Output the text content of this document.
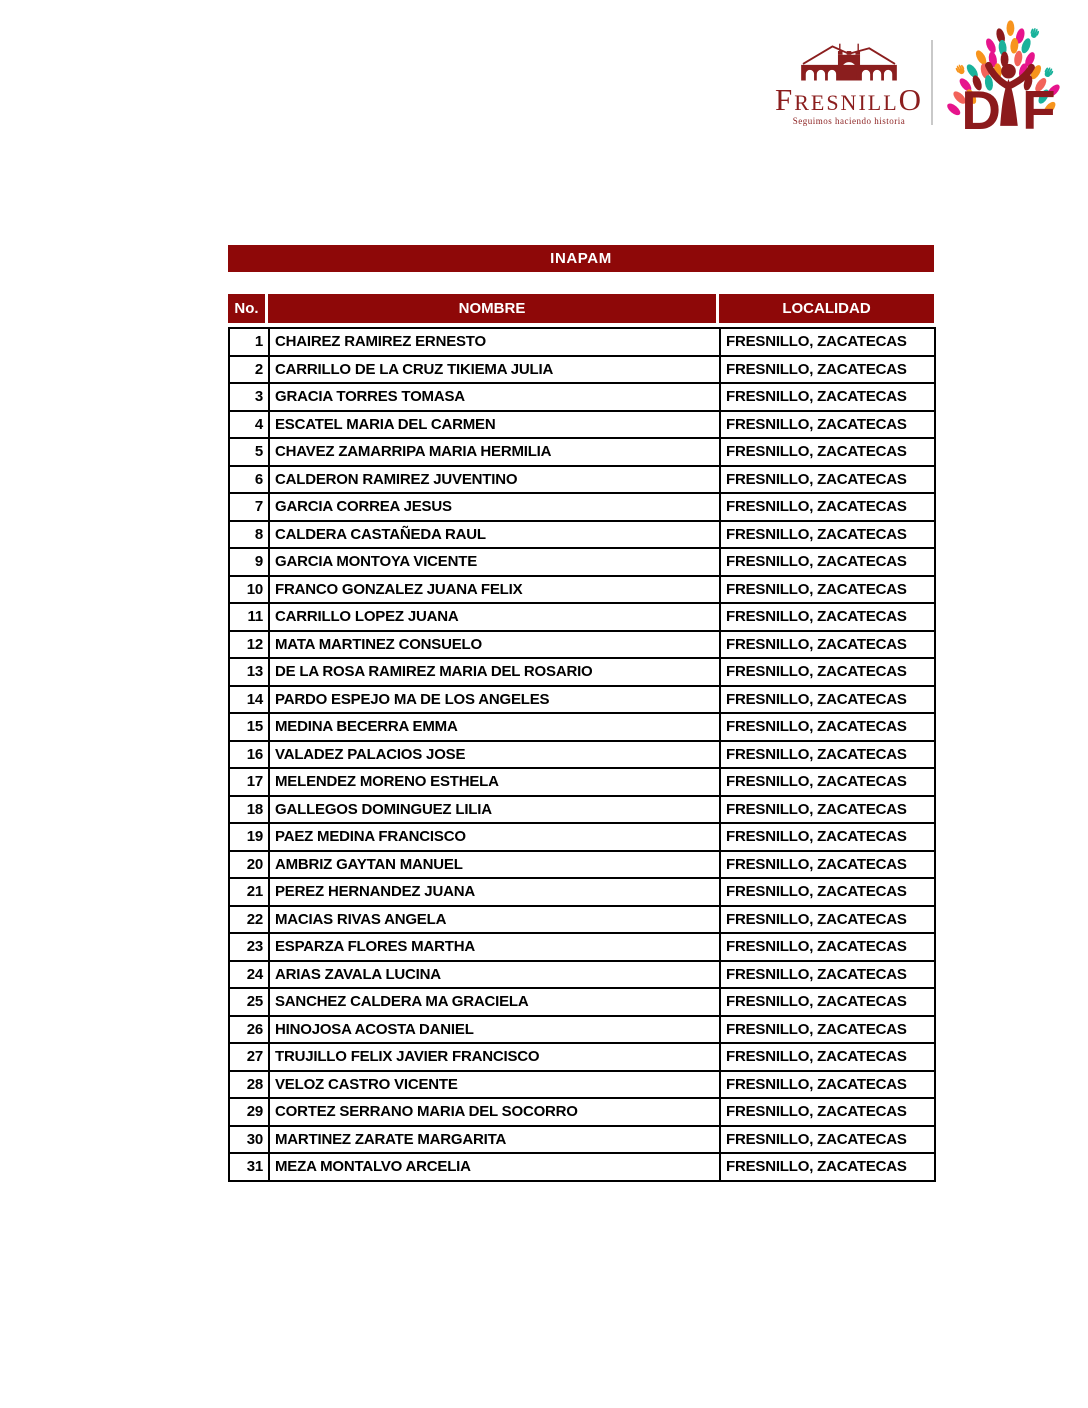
FRESNILLO
Seguimos haciendo historia	D F
INAPAM
No.	NOMBRE	LOCALIDAD
1	CHAIREZ RAMIREZ ERNESTO	FRESNILLO, ZACATECAS
2	CARRILLO DE LA CRUZ TIKIEMA JULIA	FRESNILLO, ZACATECAS
3	GRACIA TORRES TOMASA	FRESNILLO, ZACATECAS
4	ESCATEL MARIA DEL CARMEN	FRESNILLO, ZACATECAS
5	CHAVEZ ZAMARRIPA MARIA HERMILIA	FRESNILLO, ZACATECAS
6	CALDERON RAMIREZ JUVENTINO	FRESNILLO, ZACATECAS
7	GARCIA CORREA JESUS	FRESNILLO, ZACATECAS
8	CALDERA CASTAÑEDA RAUL	FRESNILLO, ZACATECAS
9	GARCIA MONTOYA VICENTE	FRESNILLO, ZACATECAS
10	FRANCO GONZALEZ JUANA FELIX	FRESNILLO, ZACATECAS
11	CARRILLO LOPEZ JUANA	FRESNILLO, ZACATECAS
12	MATA MARTINEZ CONSUELO	FRESNILLO, ZACATECAS
13	DE LA ROSA RAMIREZ MARIA DEL ROSARIO	FRESNILLO, ZACATECAS
14	PARDO ESPEJO MA DE LOS ANGELES	FRESNILLO, ZACATECAS
15	MEDINA BECERRA EMMA	FRESNILLO, ZACATECAS
16	VALADEZ PALACIOS JOSE	FRESNILLO, ZACATECAS
17	MELENDEZ MORENO ESTHELA	FRESNILLO, ZACATECAS
18	GALLEGOS DOMINGUEZ LILIA	FRESNILLO, ZACATECAS
19	PAEZ MEDINA FRANCISCO	FRESNILLO, ZACATECAS
20	AMBRIZ GAYTAN MANUEL	FRESNILLO, ZACATECAS
21	PEREZ HERNANDEZ JUANA	FRESNILLO, ZACATECAS
22	MACIAS RIVAS ANGELA	FRESNILLO, ZACATECAS
23	ESPARZA FLORES MARTHA	FRESNILLO, ZACATECAS
24	ARIAS ZAVALA LUCINA	FRESNILLO, ZACATECAS
25	SANCHEZ CALDERA MA GRACIELA	FRESNILLO, ZACATECAS
26	HINOJOSA ACOSTA DANIEL	FRESNILLO, ZACATECAS
27	TRUJILLO FELIX JAVIER FRANCISCO	FRESNILLO, ZACATECAS
28	VELOZ CASTRO VICENTE	FRESNILLO, ZACATECAS
29	CORTEZ SERRANO MARIA DEL SOCORRO	FRESNILLO, ZACATECAS
30	MARTINEZ ZARATE MARGARITA	FRESNILLO, ZACATECAS
31	MEZA MONTALVO ARCELIA	FRESNILLO, ZACATECAS
